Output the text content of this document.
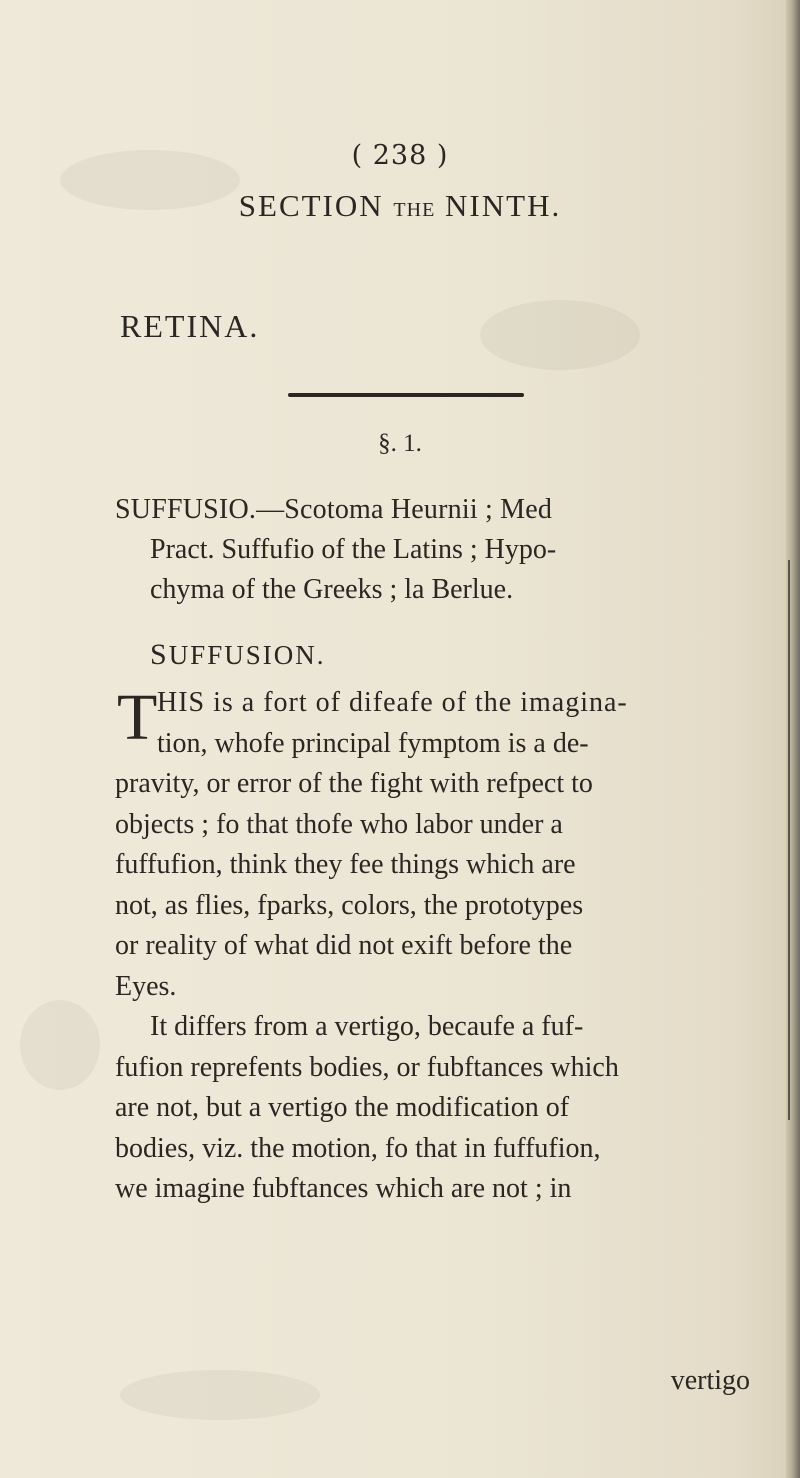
( 238 )
SECTION THE NINTH.
RETINA.
§. 1.
SUFFUSIO.—Scotoma Heurnii ; Med
Pract. Suffufio of the Latins ; Hypo-
chyma of the Greeks ; la Berlue.
SUFFUSION.
T HIS is a fort of difeafe of the imagina-
tion, whofe principal fymptom is a de-
pravity, or error of the fight with refpect to
objects ; fo that thofe who labor under a
fuffufion, think they fee things which are
not, as flies, fparks, colors, the prototypes
or reality of what did not exift before the
Eyes.
It differs from a vertigo, becaufe a fuf-
fufion reprefents bodies, or fubftances which
are not, but a vertigo the modification of
bodies, viz. the motion, fo that in fuffufion,
we imagine fubftances which are not ; in
vertigo
